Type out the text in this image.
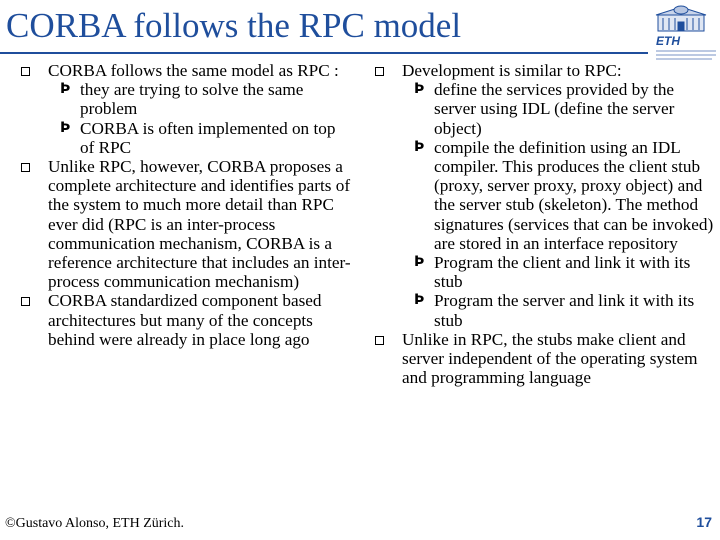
CORBA follows the RPC model	ETH
CORBA follows the same model as RPC :
Þ they are trying to solve the same problem
Þ CORBA is often implemented on top of RPC
Unlike RPC, however, CORBA proposes a complete architecture and identifies parts of the system to much more detail than RPC ever did (RPC is an inter-process communication mechanism, CORBA is a reference architecture that includes an inter-process communication mechanism)
CORBA standardized component based architectures but many of the concepts behind were already in place long ago
Development is similar to RPC:
Þ define the services provided by the server using IDL (define the server object)
Þ compile the definition using an IDL compiler. This produces the client stub (proxy, server proxy, proxy object) and the server stub (skeleton). The method signatures (services that can be invoked) are stored in an interface repository
Þ Program the client and link it with its stub
Þ Program the server and link it with its stub
Unlike in RPC, the stubs make client and server independent of the operating system and programming language
©Gustavo Alonso, ETH Zürich.	17
